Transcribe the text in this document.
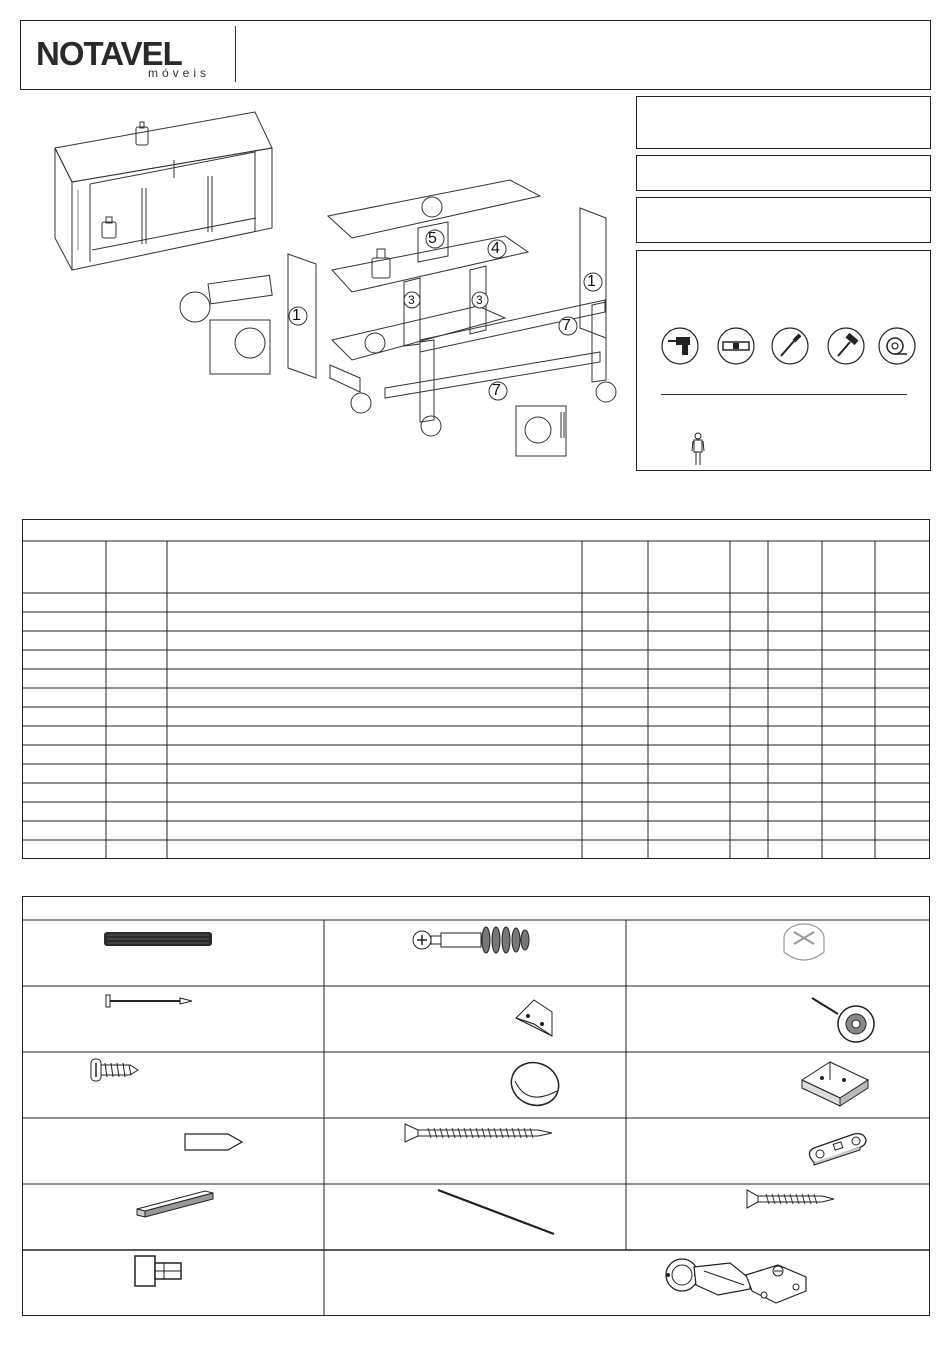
NOTAVEL
móveis
5
4
1
3	3
1
7
7
